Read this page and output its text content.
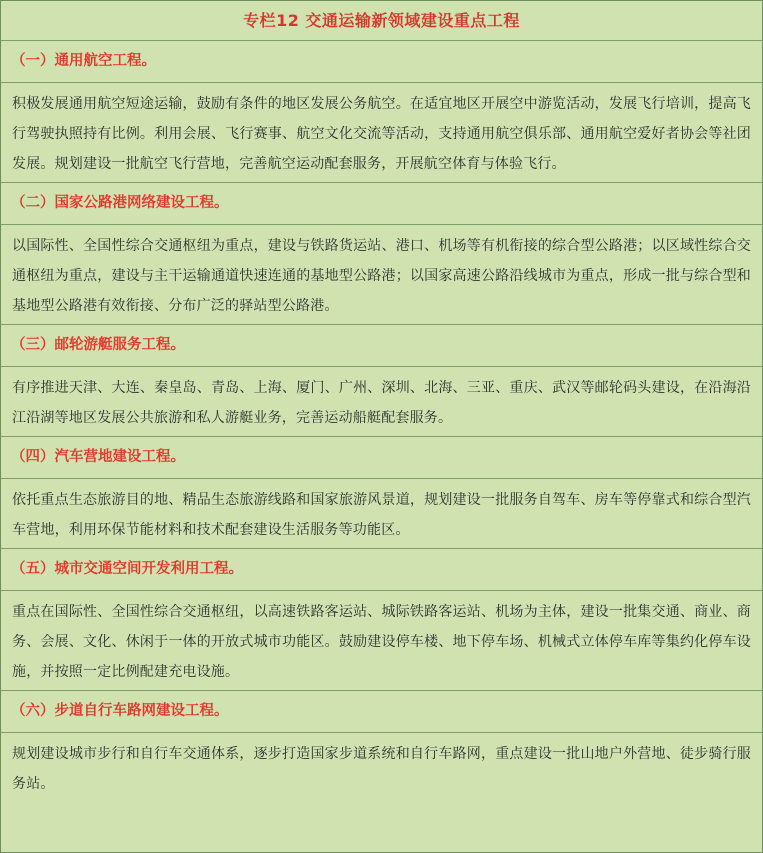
专栏12 交通运输新领域建设重点工程
（一）通用航空工程。
积极发展通用航空短途运输，鼓励有条件的地区发展公务航空。在适宜地区开展空中游览活动，发展飞行培训，提高飞行驾驶执照持有比例。利用会展、飞行赛事、航空文化交流等活动，支持通用航空俱乐部、通用航空爱好者协会等社团发展。规划建设一批航空飞行营地，完善航空运动配套服务，开展航空体育与体验飞行。
（二）国家公路港网络建设工程。
以国际性、全国性综合交通枢纽为重点，建设与铁路货运站、港口、机场等有机衔接的综合型公路港；以区域性综合交通枢纽为重点，建设与主干运输通道快速连通的基地型公路港；以国家高速公路沿线城市为重点，形成一批与综合型和基地型公路港有效衔接、分布广泛的驿站型公路港。
（三）邮轮游艇服务工程。
有序推进天津、大连、秦皇岛、青岛、上海、厦门、广州、深圳、北海、三亚、重庆、武汉等邮轮码头建设，在沿海沿江沿湖等地区发展公共旅游和私人游艇业务，完善运动船艇配套服务。
（四）汽车营地建设工程。
依托重点生态旅游目的地、精品生态旅游线路和国家旅游风景道，规划建设一批服务自驾车、房车等停靠式和综合型汽车营地，利用环保节能材料和技术配套建设生活服务等功能区。
（五）城市交通空间开发利用工程。
重点在国际性、全国性综合交通枢纽，以高速铁路客运站、城际铁路客运站、机场为主体，建设一批集交通、商业、商务、会展、文化、休闲于一体的开放式城市功能区。鼓励建设停车楼、地下停车场、机械式立体停车库等集约化停车设施，并按照一定比例配建充电设施。
（六）步道自行车路网建设工程。
规划建设城市步行和自行车交通体系，逐步打造国家步道系统和自行车路网，重点建设一批山地户外营地、徒步骑行服务站。
